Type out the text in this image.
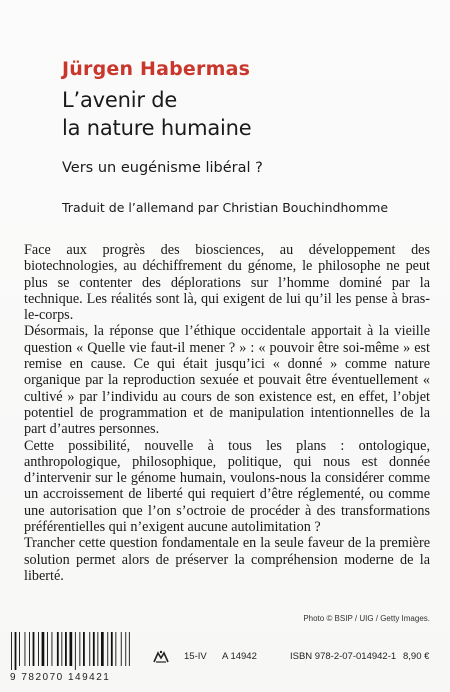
Jürgen Habermas
L’avenir de
la nature humaine
Vers un eugénisme libéral ?
Traduit de l’allemand par Christian Bouchindhomme

Face aux progrès des biosciences, au développement des biotechnologies, au déchiffrement du génome, le philosophe ne peut plus se contenter des déplorations sur l’homme dominé par la technique. Les réalités sont là, qui exigent de lui qu’il les pense à bras-le-corps.

Désormais, la réponse que l’éthique occidentale apportait à la vieille question « Quelle vie faut-il mener ? » : « pouvoir être soi-même » est remise en cause. Ce qui était jusqu’ici « donné » comme nature organique par la reproduction sexuée et pouvait être éventuellement « cultivé » par l’individu au cours de son existence est, en effet, l’objet potentiel de programmation et de manipulation intentionnelles de la part d’autres personnes.

Cette possibilité, nouvelle à tous les plans : ontologique, anthropologique, philosophique, politique, qui nous est donnée d’intervenir sur le génome humain, voulons-nous la considérer comme un accroissement de liberté qui requiert d’être réglementé, ou comme une autorisation que l’on s’octroie de procéder à des transformations préférentielles qui n’exigent aucune autolimitation ?

Trancher cette question fondamentale en la seule faveur de la première solution permet alors de préserver la compréhension moderne de la liberté.

Photo © BSIP / UIG / Getty Images.
9 782070 149421
15-IV A 14942	ISBN 978-2-07-014942-1 8,90 €
